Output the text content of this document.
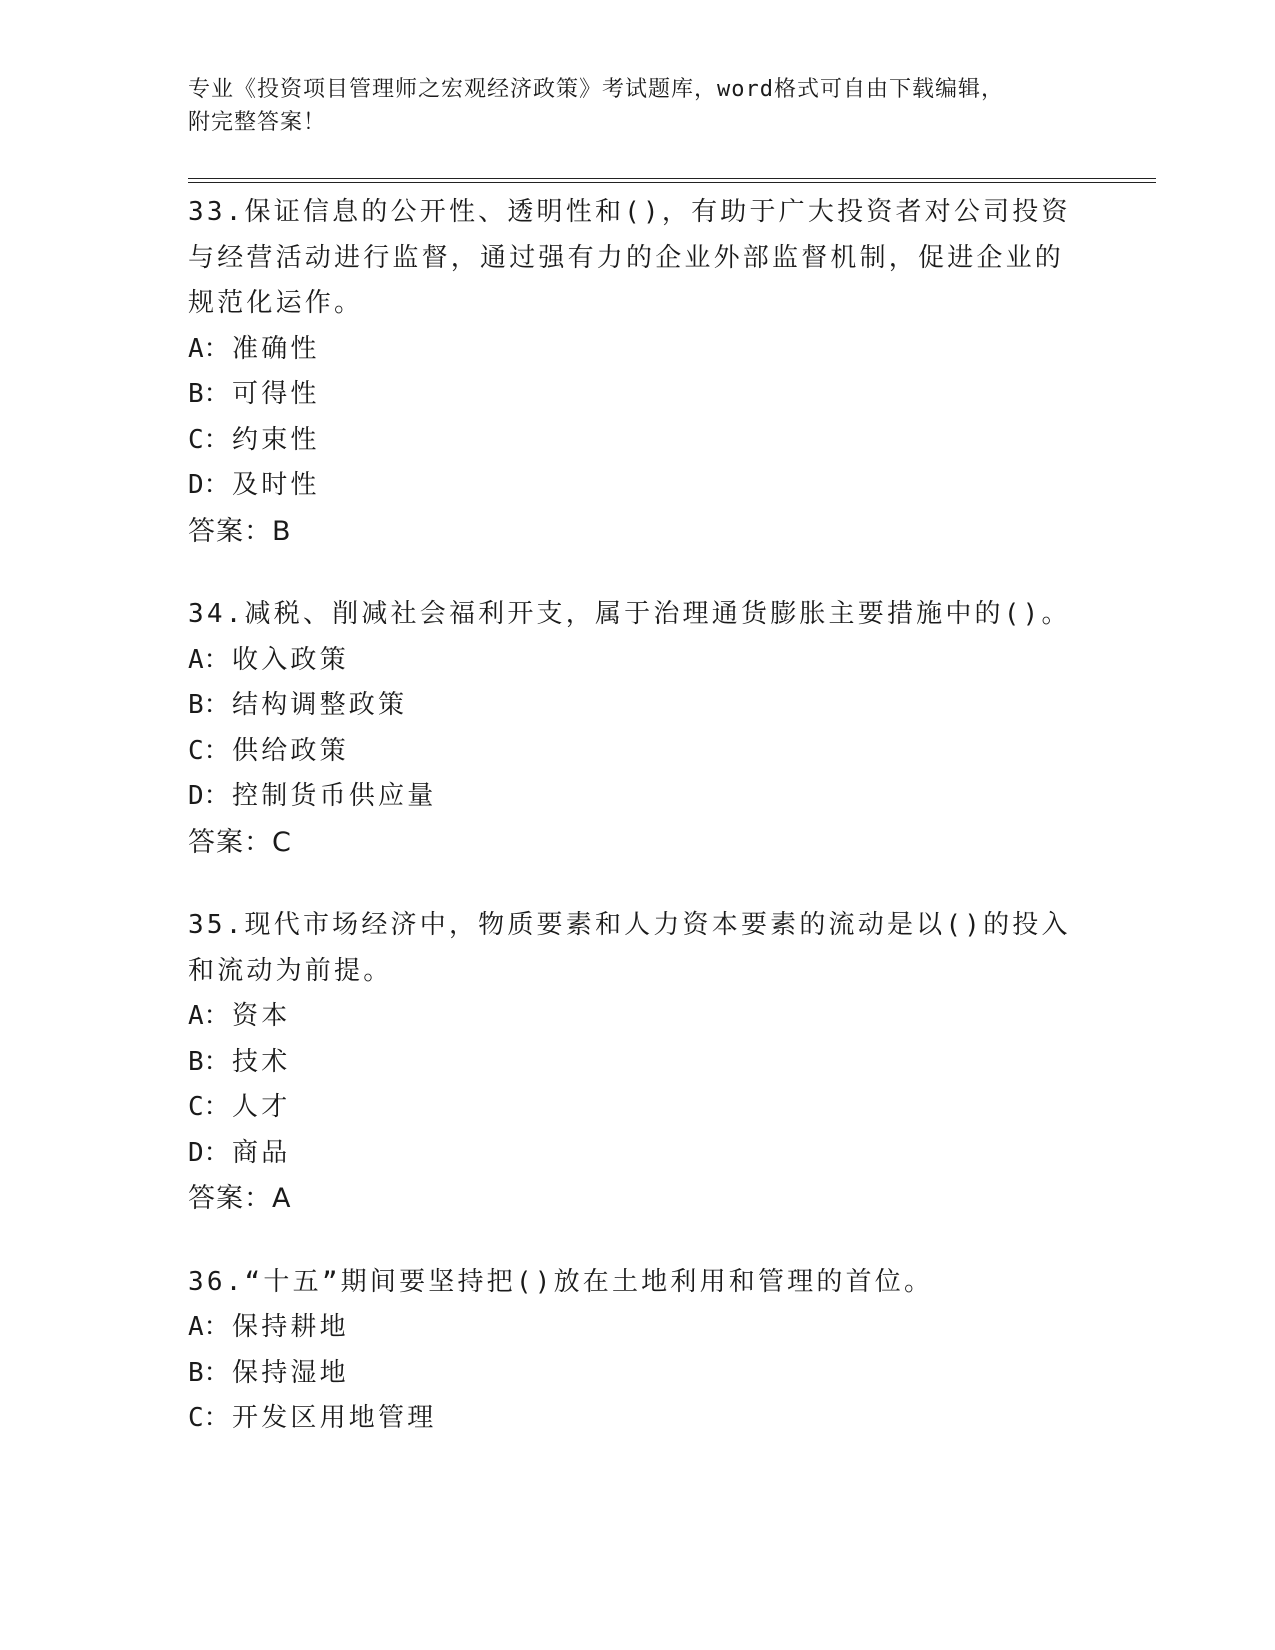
专业《投资项目管理师之宏观经济政策》考试题库，word格式可自由下载编辑，
附完整答案！
33.保证信息的公开性、透明性和()，有助于广大投资者对公司投资与经营活动进行监督，通过强有力的企业外部监督机制，促进企业的规范化运作。
A：准确性
B：可得性
C：约束性
D：及时性
答案：B
34.减税、削减社会福利开支，属于治理通货膨胀主要措施中的()。
A：收入政策
B：结构调整政策
C：供给政策
D：控制货币供应量
答案：C
35.现代市场经济中，物质要素和人力资本要素的流动是以()的投入和流动为前提。
A：资本
B：技术
C：人才
D：商品
答案：A
36.“十五”期间要坚持把()放在土地利用和管理的首位。
A：保持耕地
B：保持湿地
C：开发区用地管理
